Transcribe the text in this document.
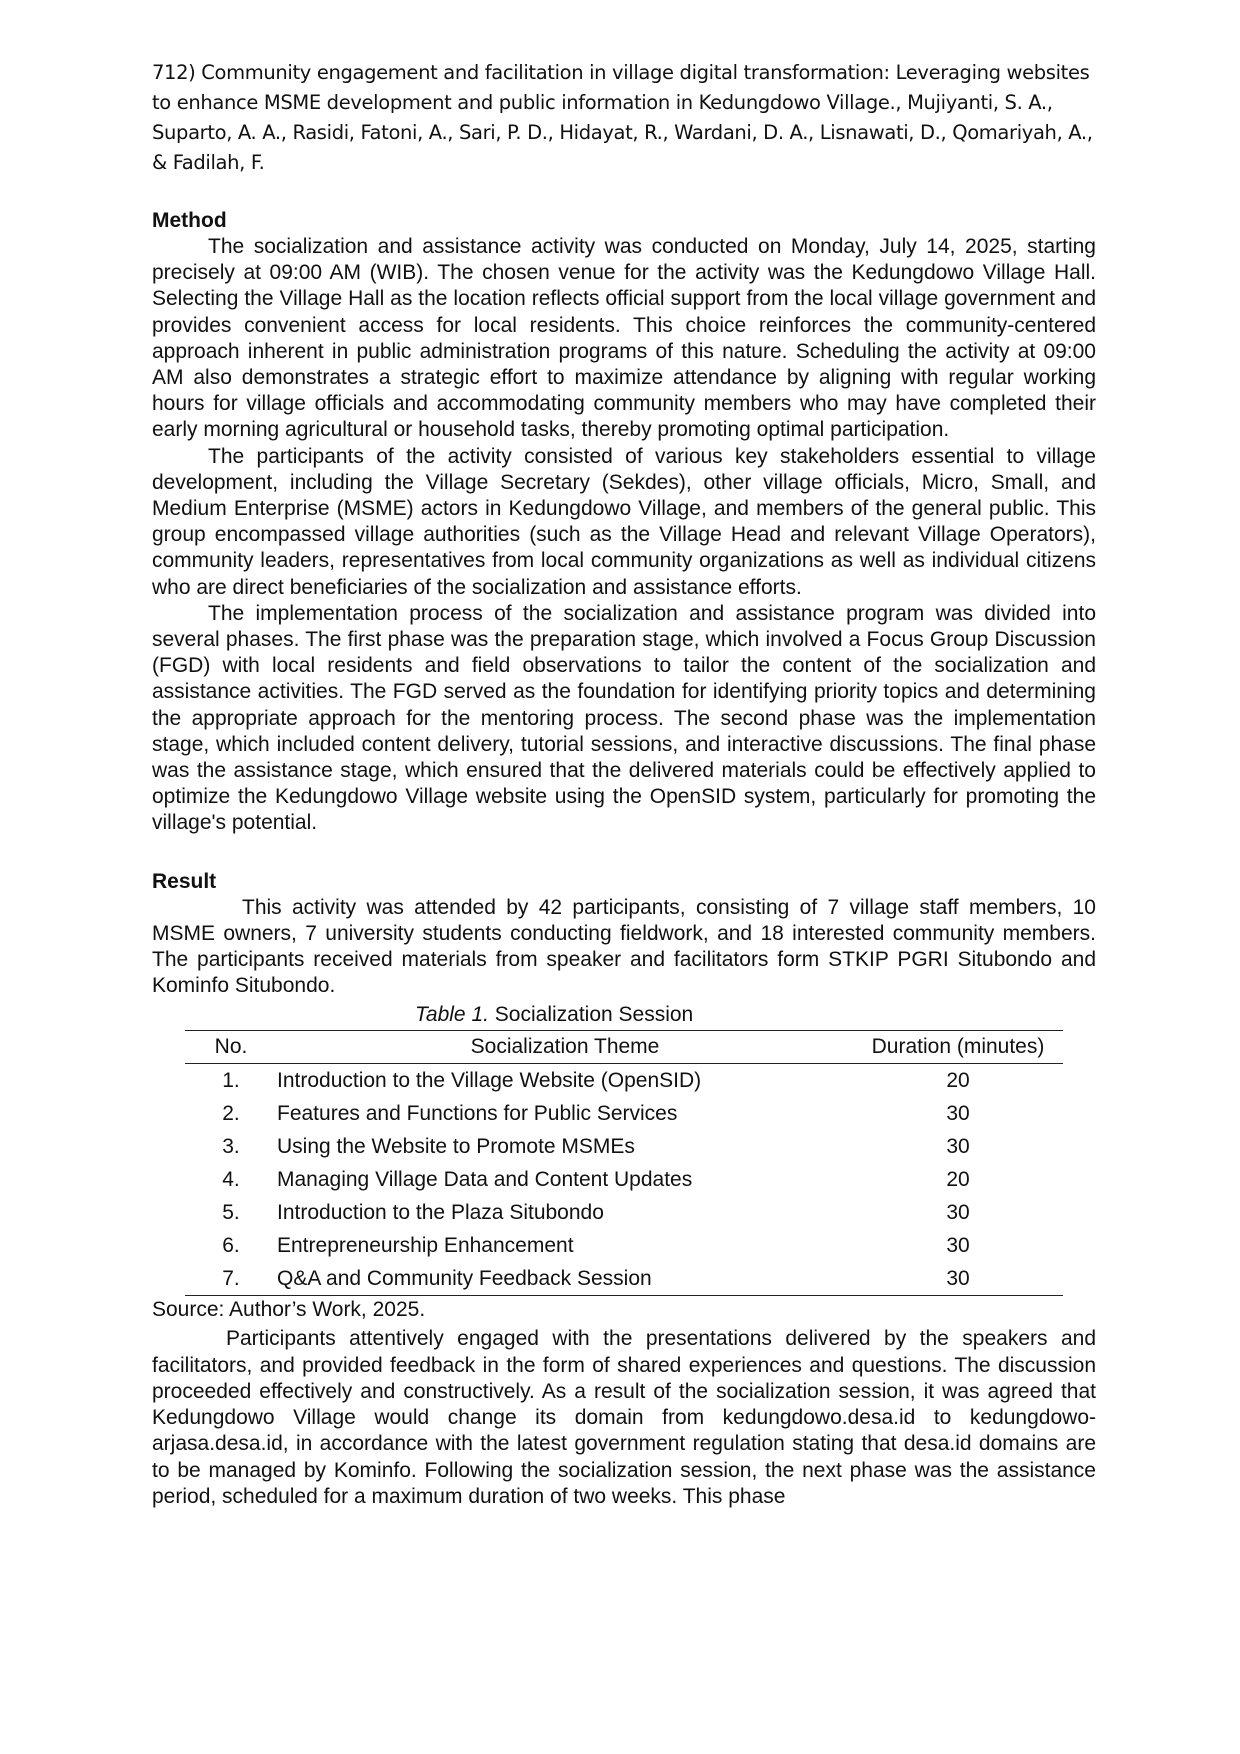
712) Community engagement and facilitation in village digital transformation: Leveraging websites to enhance MSME development and public information in Kedungdowo Village., Mujiyanti, S. A., Suparto, A. A., Rasidi, Fatoni, A., Sari, P. D., Hidayat, R., Wardani, D. A., Lisnawati, D., Qomariyah, A., & Fadilah, F.

Method

The socialization and assistance activity was conducted on Monday, July 14, 2025, starting precisely at 09:00 AM (WIB). The chosen venue for the activity was the Kedungdowo Village Hall. Selecting the Village Hall as the location reflects official support from the local village government and provides convenient access for local residents. This choice reinforces the community-centered approach inherent in public administration programs of this nature. Scheduling the activity at 09:00 AM also demonstrates a strategic effort to maximize attendance by aligning with regular working hours for village officials and accommodating community members who may have completed their early morning agricultural or household tasks, thereby promoting optimal participation.

The participants of the activity consisted of various key stakeholders essential to village development, including the Village Secretary (Sekdes), other village officials, Micro, Small, and Medium Enterprise (MSME) actors in Kedungdowo Village, and members of the general public. This group encompassed village authorities (such as the Village Head and relevant Village Operators), community leaders, representatives from local community organizations as well as individual citizens who are direct beneficiaries of the socialization and assistance efforts.

The implementation process of the socialization and assistance program was divided into several phases. The first phase was the preparation stage, which involved a Focus Group Discussion (FGD) with local residents and field observations to tailor the content of the socialization and assistance activities. The FGD served as the foundation for identifying priority topics and determining the appropriate approach for the mentoring process. The second phase was the implementation stage, which included content delivery, tutorial sessions, and interactive discussions. The final phase was the assistance stage, which ensured that the delivered materials could be effectively applied to optimize the Kedungdowo Village website using the OpenSID system, particularly for promoting the village's potential.

Result

This activity was attended by 42 participants, consisting of 7 village staff members, 10 MSME owners, 7 university students conducting fieldwork, and 18 interested community members. The participants received materials from speaker and facilitators form STKIP PGRI Situbondo and Kominfo Situbondo.

Table 1. Socialization Session

No.	Socialization Theme	Duration (minutes)
1.	Introduction to the Village Website (OpenSID)	20
2.	Features and Functions for Public Services	30
3.	Using the Website to Promote MSMEs	30
4.	Managing Village Data and Content Updates	20
5.	Introduction to the Plaza Situbondo	30
6.	Entrepreneurship Enhancement	30
7.	Q&A and Community Feedback Session	30

Source: Author’s Work, 2025.

Participants attentively engaged with the presentations delivered by the speakers and facilitators, and provided feedback in the form of shared experiences and questions. The discussion proceeded effectively and constructively. As a result of the socialization session, it was agreed that Kedungdowo Village would change its domain from kedungdowo.desa.id to kedungdowo-arjasa.desa.id, in accordance with the latest government regulation stating that desa.id domains are to be managed by Kominfo. Following the socialization session, the next phase was the assistance period, scheduled for a maximum duration of two weeks. This phase
